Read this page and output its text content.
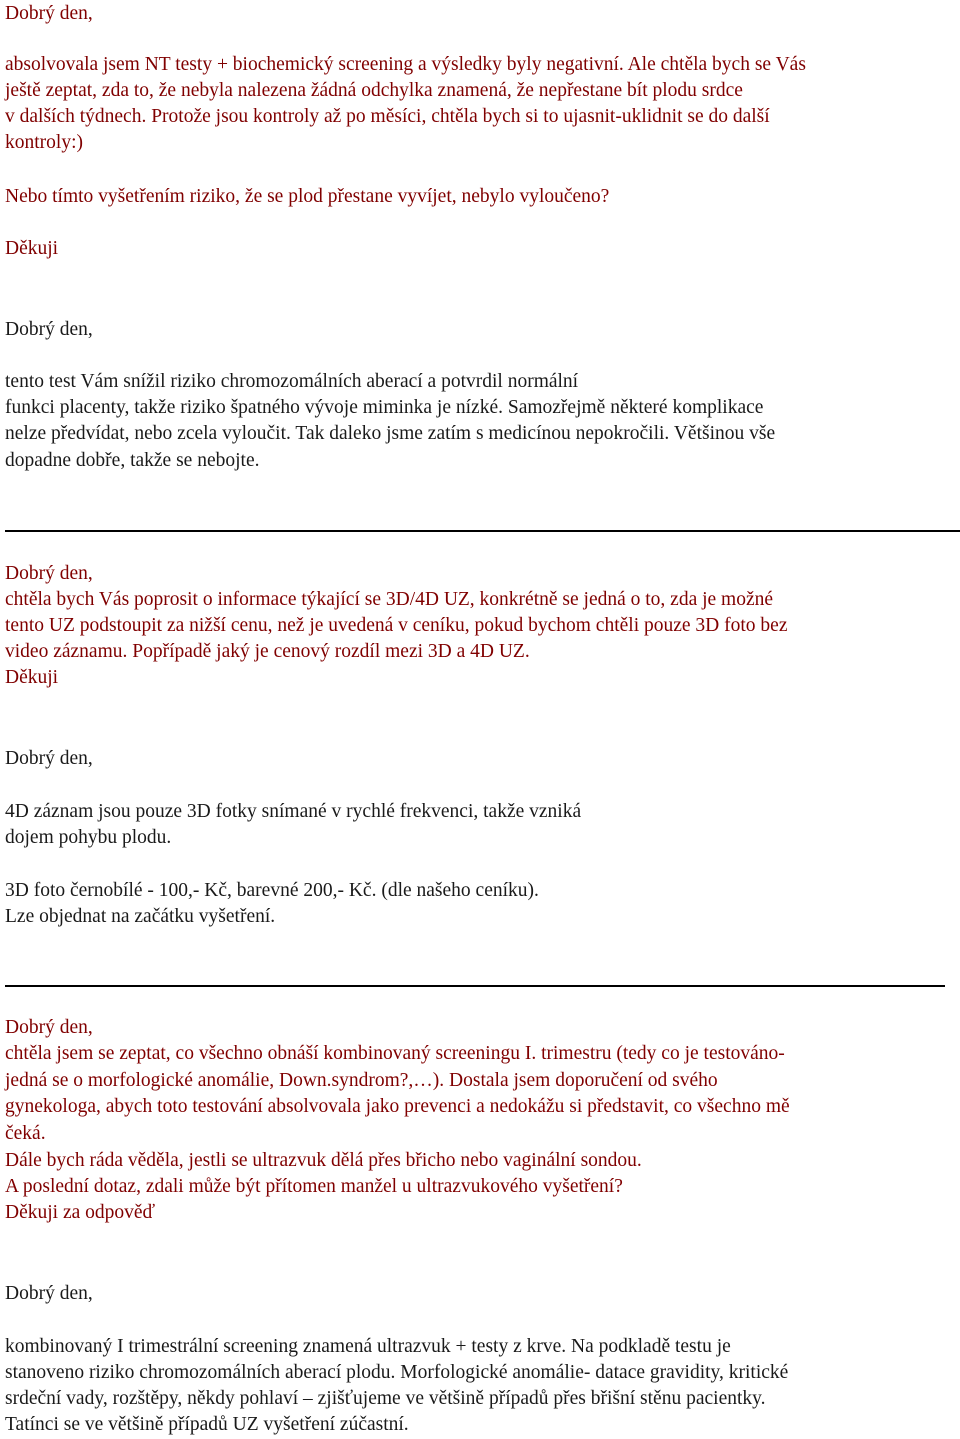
Dobrý den,
absolvovala jsem NT testy + biochemický screening a výsledky byly negativní. Ale chtěla bych se Vás
ještě zeptat, zda to, že nebyla nalezena žádná odchylka znamená, že nepřestane bít plodu srdce
v dalších týdnech. Protože jsou kontroly až po měsíci, chtěla bych si to ujasnit-uklidnit se do další
kontroly:)
Nebo tímto vyšetřením riziko, že se plod přestane vyvíjet, nebylo vyloučeno?
Děkuji
Dobrý den,
tento test Vám snížil riziko chromozomálních aberací a potvrdil normální
funkci placenty, takže riziko špatného vývoje miminka je nízké. Samozřejmě některé komplikace
nelze předvídat, nebo zcela vyloučit. Tak daleko jsme zatím s medicínou nepokročili. Většinou vše
dopadne dobře, takže se nebojte.
Dobrý den,
chtěla bych Vás poprosit o informace týkající se 3D/4D UZ, konkrétně se jedná o to, zda je možné
tento UZ podstoupit za nižší cenu, než je uvedená v ceníku, pokud bychom chtěli pouze 3D foto bez
video záznamu. Popřípadě jaký je cenový rozdíl mezi 3D a 4D UZ.
Děkuji
Dobrý den,
4D záznam jsou pouze 3D fotky snímané v rychlé frekvenci, takže vzniká
dojem pohybu plodu.
3D foto černobílé - 100,- Kč, barevné 200,- Kč. (dle našeho ceníku).
Lze objednat na začátku vyšetření.
Dobrý den,
chtěla jsem se zeptat, co všechno obnáší kombinovaný screeningu I. trimestru (tedy co je testováno-
jedná se o morfologické anomálie, Down.syndrom?,…). Dostala jsem doporučení od svého
gynekologa, abych toto testování absolvovala jako prevenci a nedokážu si představit, co všechno mě
čeká.
Dále bych ráda věděla, jestli se ultrazvuk dělá přes břicho nebo vaginální sondou.
A poslední dotaz, zdali může být přítomen manžel u ultrazvukového vyšetření?
Děkuji za odpověď
Dobrý den,
kombinovaný I trimestrální screening znamená ultrazvuk + testy z krve. Na podkladě testu je
stanoveno riziko chromozomálních aberací plodu. Morfologické anomálie- datace gravidity, kritické
srdeční vady, rozštěpy, někdy pohlaví – zjišťujeme ve většině případů přes břišní stěnu pacientky.
Tatínci se ve většině případů UZ vyšetření zúčastní.
